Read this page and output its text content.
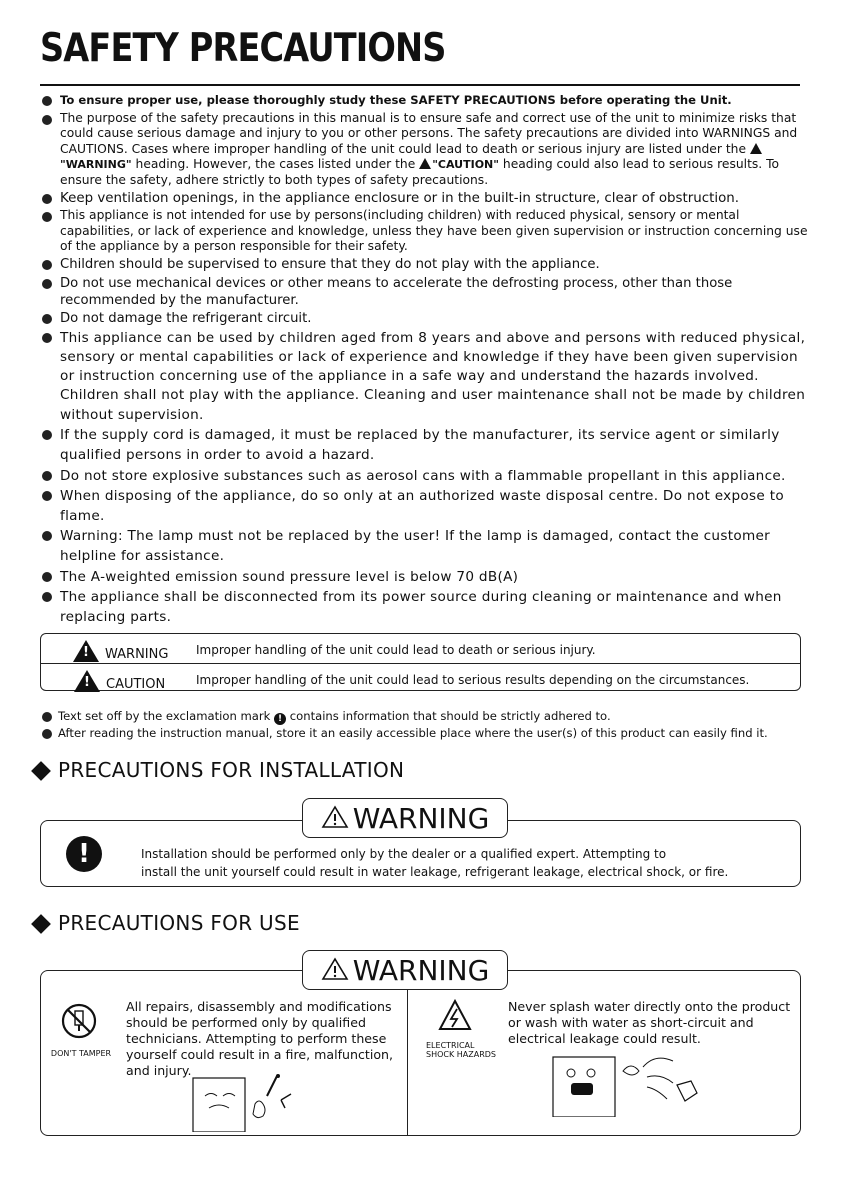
SAFETY PRECAUTIONS
To ensure proper use, please thoroughly study these SAFETY PRECAUTIONS before operating the Unit.
The purpose of the safety precautions in this manual is to ensure safe and correct use of the unit to minimize risks that could cause serious damage and injury to you or other persons. The safety precautions are divided into WARNINGS and CAUTIONS. Cases where improper handling of the unit could lead to death or serious injury are listed under the "WARNING" heading. However, the cases listed under the "CAUTION" heading could also lead to serious results. To ensure the safety, adhere strictly to both types of safety precautions.
Keep ventilation openings, in the appliance enclosure or in the built-in structure, clear of obstruction.
This appliance is not intended for use by persons(including children) with reduced physical, sensory or mental capabilities, or lack of experience and knowledge, unless they have been given supervision or instruction concerning use of the appliance by a person responsible for their safety.
Children should be supervised to ensure that they do not play with the appliance.
Do not use mechanical devices or other means to accelerate the defrosting process, other than those recommended by the manufacturer.
Do not damage the refrigerant circuit.
This appliance can be used by children aged from 8 years and above and persons with reduced physical, sensory or mental capabilities or lack of experience and knowledge if they have been given supervision or instruction concerning use of the appliance in a safe way and understand the hazards involved. Children shall not play with the appliance. Cleaning and user maintenance shall not be made by children without supervision.
If the supply cord is damaged, it must be replaced by the manufacturer, its service agent or similarly qualified persons in order to avoid a hazard.
Do not store explosive substances such as aerosol cans with a flammable propellant in this appliance.
When disposing of the appliance, do so only at an authorized waste disposal centre. Do not expose to flame.
Warning: The lamp must not be replaced by the user! If the lamp is damaged, contact the customer helpline for assistance.
The A-weighted emission sound pressure level is below 70 dB(A)
The appliance shall be disconnected from its power source during cleaning or maintenance and when replacing parts.
!WARNING Improper handling of the unit could lead to death or serious injury.
!CAUTION	Improper handling of the unit could lead to serious results depending on the circumstances.
Text set off by the exclamation mark ! contains information that should be strictly adhered to.
After reading the instruction manual, store it an easily accessible place where the user(s) of this product can easily find it.
PRECAUTIONS FOR INSTALLATION
!	Installation should be performed only by the dealer or a qualified expert. Attempting to
install the unit yourself could result in water leakage, refrigerant leakage, electrical shock, or fire.
WARNING
PRECAUTIONS FOR USE
DON'T TAMPER
All repairs, disassembly and modifications should be performed only by qualified technicians. Attempting to perform these yourself could result in a fire, malfunction, and injury.
ELECTRICAL
SHOCK HAZARDS
Never splash water directly onto the product or wash with water as short-circuit and electrical leakage could result.
WARNING
